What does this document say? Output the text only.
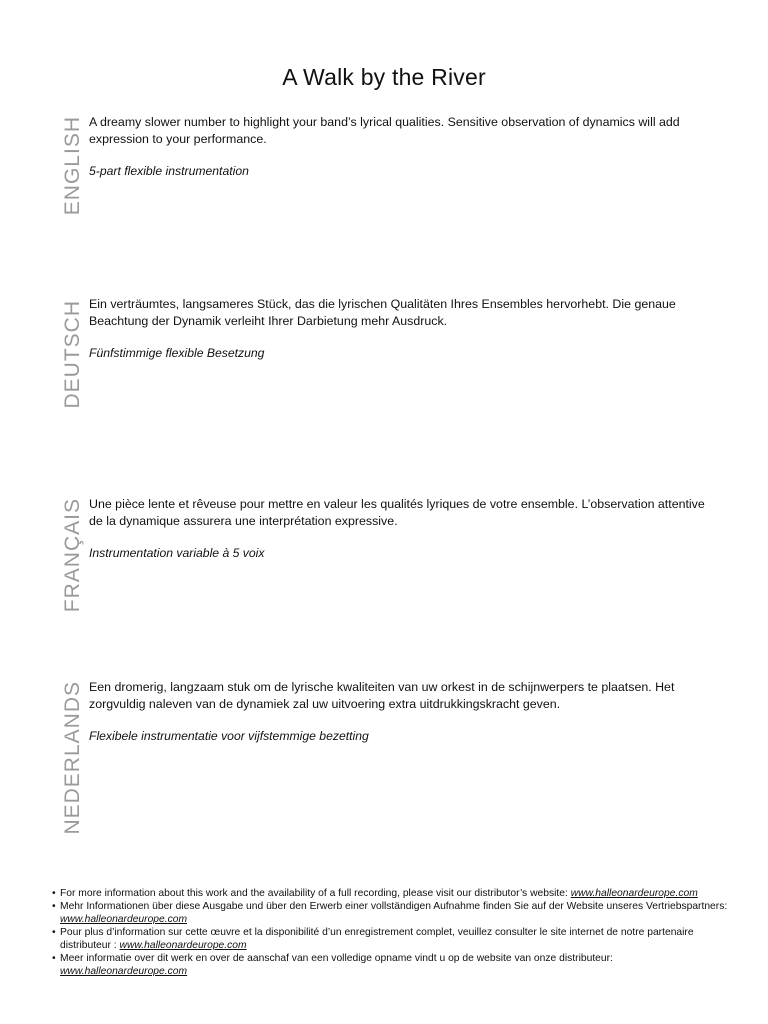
A Walk by the River
ENGLISH A dreamy slower number to highlight your band’s lyrical qualities. Sensitive observation of dynamics will add expression to your performance.

5-part flexible instrumentation

DEUTSCH Ein verträumtes, langsameres Stück, das die lyrischen Qualitäten Ihres Ensembles hervorhebt. Die genaue Beachtung der Dynamik verleiht Ihrer Darbietung mehr Ausdruck.

Fünfstimmige flexible Besetzung

FRANÇAIS Une pièce lente et rêveuse pour mettre en valeur les qualités lyriques de votre ensemble. L’observation attentive de la dynamique assurera une interprétation expressive.

Instrumentation variable à 5 voix

NEDERLANDS Een dromerig, langzaam stuk om de lyrische kwaliteiten van uw orkest in de schijnwerpers te plaatsen. Het zorgvuldig naleven van de dynamiek zal uw uitvoering extra uitdrukkingskracht geven.

Flexibele instrumentatie voor vijfstemmige bezetting

• For more information about this work and the availability of a full recording, please visit our distributor’s website: www.halleonardeurope.com

• Mehr Informationen über diese Ausgabe und über den Erwerb einer vollständigen Aufnahme finden Sie auf der Website unseres Vertriebspartners: www.halleonardeurope.com

• Pour plus d’information sur cette œuvre et la disponibilité d’un enregistrement complet, veuillez consulter le site internet de notre partenaire distributeur : www.halleonardeurope.com

• Meer informatie over dit werk en over de aanschaf van een volledige opname vindt u op de website van onze distributeur: www.halleonardeurope.com
